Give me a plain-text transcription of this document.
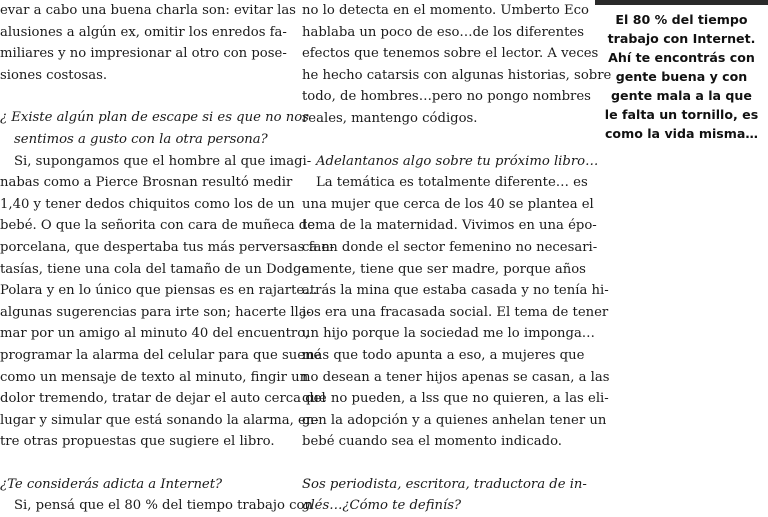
evar a cabo una buena charla son: evitar las
alusiones a algún ex, omitir los enredos fa-
miliares y no impresionar al otro con pose-
siones costosas.
¿ Existe algún plan de escape si es que no nos
sentimos a gusto con la otra persona?
Si, supongamos que el hombre al que imagi-
nabas como a Pierce Brosnan resultó medir
1,40 y tener dedos chiquitos como los de un
bebé. O que la señorita con cara de muñeca de
porcelana, que despertaba tus más perversas fan-
tasías, tiene una cola del tamaño de un Dodge
Polara y en lo único que piensas es en rajarte…
algunas sugerencias para irte son; hacerte lla-
mar por un amigo al minuto 40 del encuentro,
programar la alarma del celular para que suene
como un mensaje de texto al minuto, fingir un
dolor tremendo, tratar de dejar el auto cerca del
lugar y simular que está sonando la alarma, en-
tre otras propuestas que sugiere el libro.
¿Te considerás adicta a Internet?
Si, pensá que el 80 % del tiempo trabajo con
no lo detecta en el momento. Umberto Eco
hablaba un poco de eso…de los diferentes
efectos que tenemos sobre el lector. A veces
he hecho catarsis con algunas historias, sobre
todo, de hombres…pero no pongo nombres
reales, mantengo códigos.
Adelantanos algo sobre tu próximo libro…
La temática es totalmente diferente… es
una mujer que cerca de los 40 se plantea el
tema de la maternidad. Vivimos en una épo-
ca en donde el sector femenino no necesari-
amente, tiene que ser madre, porque años
atrás la mina que estaba casada y no tenía hi-
jos era una fracasada social. El tema de tener
un hijo porque la sociedad me lo imponga…
más que todo apunta a eso, a mujeres que
no desean a tener hijos apenas se casan, a las
que no pueden, a lss que no quieren, a las eli-
gen la adopción y a quienes anhelan tener un
bebé cuando sea el momento indicado.
Sos periodista, escritora, traductora de in-
glés…¿Cómo te definís?
El 80 % del tiempo
trabajo con Internet.
Ahí te encontrás con
gente buena y con
gente mala a la que
le falta un tornillo, es
como la vida misma…
